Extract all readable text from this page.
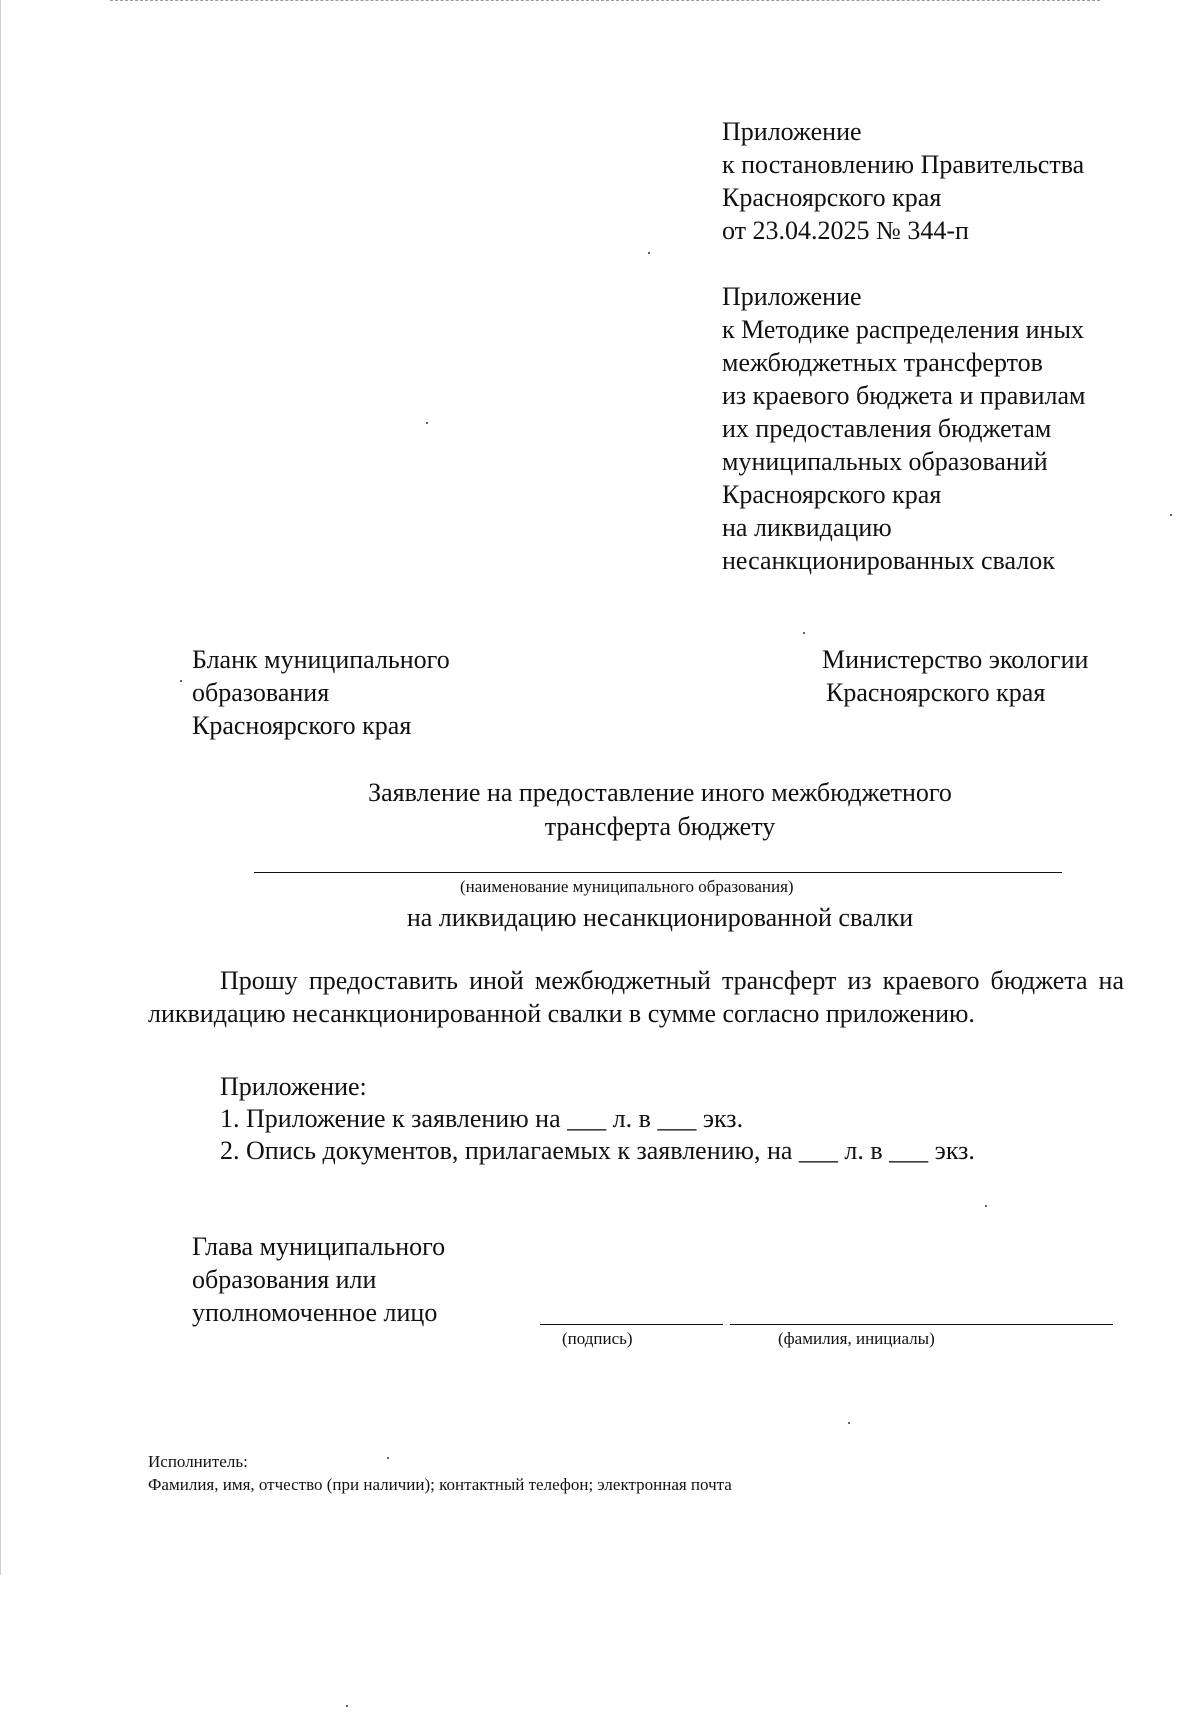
Приложение
к постановлению Правительства
Красноярского края
от 23.04.2025 № 344-п
Приложение
к Методике распределения иных
межбюджетных трансфертов
из краевого бюджета и правилам
их предоставления бюджетам
муниципальных образований
Красноярского края
на ликвидацию
несанкционированных свалок
Бланк муниципального
образования
Красноярского края
Министерство экологии
Красноярского края
Заявление на предоставление иного межбюджетного
трансферта бюджету
(наименование муниципального образования)
на ликвидацию несанкционированной свалки
Прошу предоставить иной межбюджетный трансферт из краевого бюджета на ликвидацию несанкционированной свалки в сумме согласно приложению.
Приложение:
1. Приложение к заявлению на ___ л. в ___ экз.
2. Опись документов, прилагаемых к заявлению, на ___ л. в ___ экз.
Глава муниципального
образования или
уполномоченное лицо
(подпись)	(фамилия, инициалы)
Исполнитель:
Фамилия, имя, отчество (при наличии); контактный телефон; электронная почта
